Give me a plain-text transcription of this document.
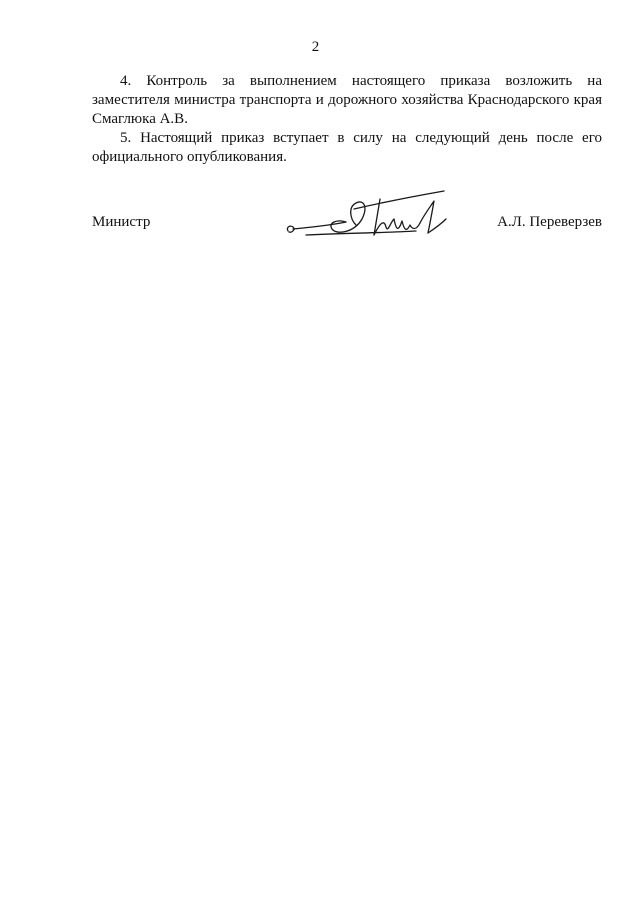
2

4. Контроль за выполнением настоящего приказа возложить на заместителя министра транспорта и дорожного хозяйства Краснодарского края Смаглюка А.В.

5. Настоящий приказ вступает в силу на следующий день после его официального опубликования.

Министр	А.Л. Переверзев
